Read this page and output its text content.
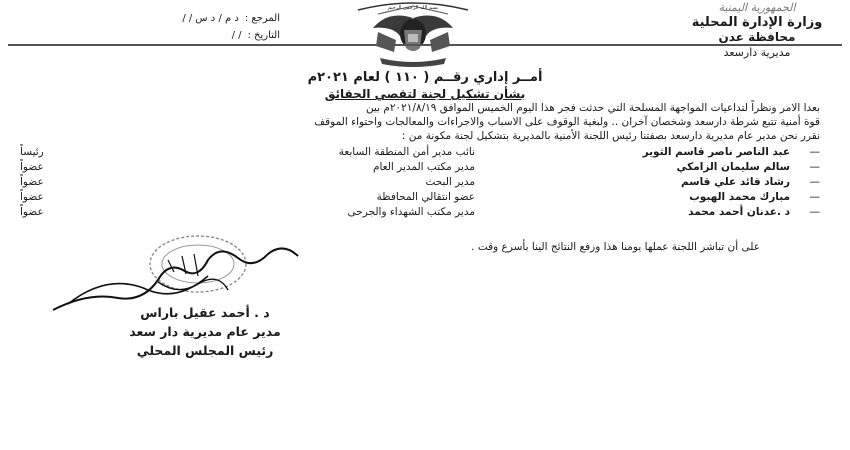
الجمهورية اليمنية
وزارة الإدارة المحلية
محافظة عدن
مديرية دارسعد
بسم الله الرحمن الرحيم
المرجع :
د م / د س / /
التاريخ :
/ /
أمــر إداري رقــم ( ١١٠ ) لعام ٢٠٢١م
بشأن تشكيل لجنة لتقصي الحقائق
بعدا الامر ونظراً لتداعيات المواجهة المسلحة التي حدثت فجر هذا اليوم الخميس الموافق ٢٠٢١/٨/١٩م بين
قوة أمنية تتبع شرطة دارسعد وشخصان آخران .. ولبغية الوقوف على الاسباب والاجراءات والمعالجات واحتواء الموقف
نقرر نحن مدير عام مديرية دارسعد بصفتنا رئيس اللجنة الأمنية بالمديرية بتشكيل لجنة مكونة من :
—
عبد الناصر ناصر قاسم الثوير
نائب مدير أمن المنطقة السابعة
رئيساً
—
سالم سليمان الزامكي
مدير مكتب المدير العام
عضواً
—
رشاد قائد علي قاسم
مدير البحث
عضواً
—
مبارك محمد الهبوب
عضو انتقالي المحافظة
عضواً
—
د .عدنان أحمد محمد
مدير مكتب الشهداء والجرحى
عضواً
على أن تباشر اللجنة عملها يومنا هذا ورفع النتائج الينا بأسرع وقت .
د . أحمد عقيل باراس
مدير عام مديرية دار سعد
رئيس المجلس المحلي
